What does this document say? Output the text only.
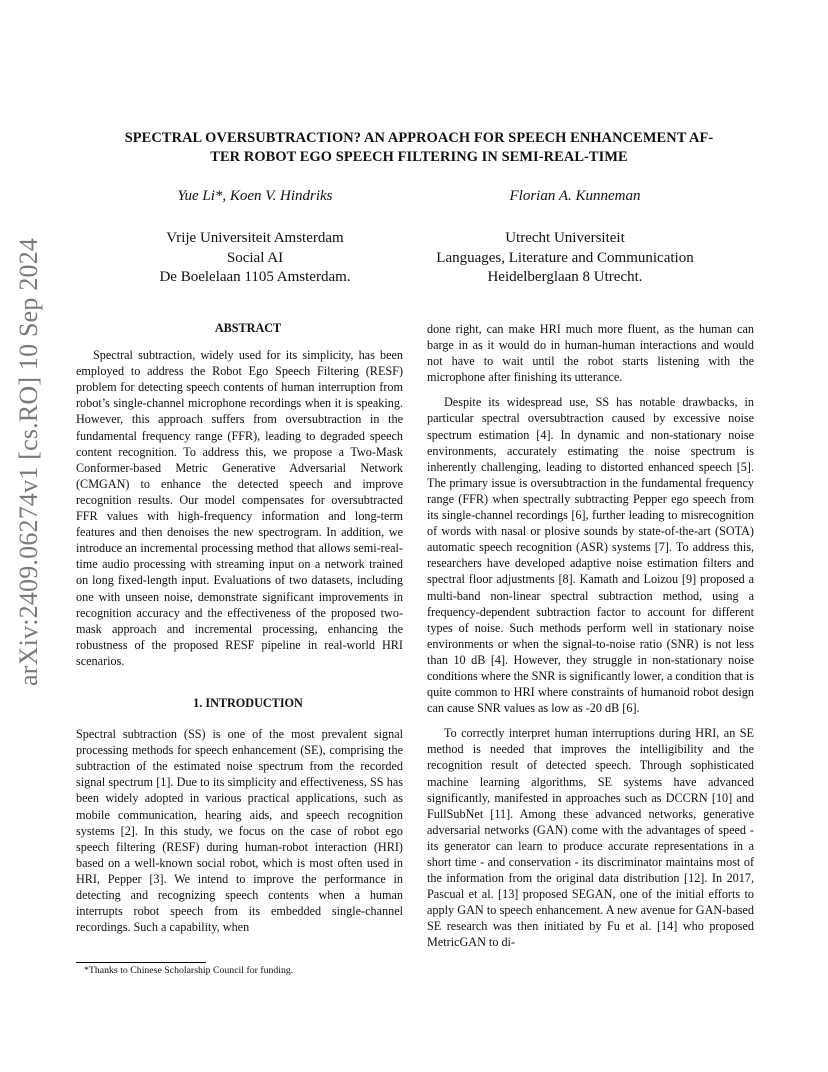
arXiv:2409.06274v1 [cs.RO] 10 Sep 2024
SPECTRAL OVERSUBTRACTION? AN APPROACH FOR SPEECH ENHANCEMENT AF-
TER ROBOT EGO SPEECH FILTERING IN SEMI-REAL-TIME
Yue Li*, Koen V. Hindriks	Florian A. Kunneman
Vrije Universiteit Amsterdam
Social AI
De Boelelaan 1105 Amsterdam.
Utrecht Universiteit
Languages, Literature and Communication
Heidelberglaan 8 Utrecht.

ABSTRACT

Spectral subtraction, widely used for its simplicity, has been employed to address the Robot Ego Speech Filtering (RESF) problem for detecting speech contents of human interruption from robot’s single-channel microphone recordings when it is speaking. However, this approach suffers from oversubtraction in the fundamental frequency range (FFR), leading to degraded speech content recognition. To address this, we propose a Two-Mask Conformer-based Metric Generative Adversarial Network (CMGAN) to enhance the detected speech and improve recognition results. Our model compensates for oversubtracted FFR values with high-frequency information and long-term features and then denoises the new spectrogram. In addition, we introduce an incremental processing method that allows semi-real-time audio processing with streaming input on a network trained on long fixed-length input. Evaluations of two datasets, including one with unseen noise, demonstrate significant improvements in recognition accuracy and the effectiveness of the proposed two-mask approach and incremental processing, enhancing the robustness of the proposed RESF pipeline in real-world HRI scenarios.

1. INTRODUCTION

Spectral subtraction (SS) is one of the most prevalent signal processing methods for speech enhancement (SE), comprising the subtraction of the estimated noise spectrum from the recorded signal spectrum [1]. Due to its simplicity and effectiveness, SS has been widely adopted in various practical applications, such as mobile communication, hearing aids, and speech recognition systems [2]. In this study, we focus on the case of robot ego speech filtering (RESF) during human-robot interaction (HRI) based on a well-known social robot, which is most often used in HRI, Pepper [3]. We intend to improve the performance in detecting and recognizing speech contents when a human interrupts robot speech from its embedded single-channel recordings. Such a capability, when

done right, can make HRI much more fluent, as the human can barge in as it would do in human-human interactions and would not have to wait until the robot starts listening with the microphone after finishing its utterance.

Despite its widespread use, SS has notable drawbacks, in particular spectral oversubtraction caused by excessive noise spectrum estimation [4]. In dynamic and non-stationary noise environments, accurately estimating the noise spectrum is inherently challenging, leading to distorted enhanced speech [5]. The primary issue is oversubtraction in the fundamental frequency range (FFR) when spectrally subtracting Pepper ego speech from its single-channel recordings [6], further leading to misrecognition of words with nasal or plosive sounds by state-of-the-art (SOTA) automatic speech recognition (ASR) systems [7]. To address this, researchers have developed adaptive noise estimation filters and spectral floor adjustments [8]. Kamath and Loizou [9] proposed a multi-band non-linear spectral subtraction method, using a frequency-dependent subtraction factor to account for different types of noise. Such methods perform well in stationary noise environments or when the signal-to-noise ratio (SNR) is not less than 10 dB [4]. However, they struggle in non-stationary noise conditions where the SNR is significantly lower, a condition that is quite common to HRI where constraints of humanoid robot design can cause SNR values as low as -20 dB [6].

To correctly interpret human interruptions during HRI, an SE method is needed that improves the intelligibility and the recognition result of detected speech. Through sophisticated machine learning algorithms, SE systems have advanced significantly, manifested in approaches such as DCCRN [10] and FullSubNet [11]. Among these advanced networks, generative adversarial networks (GAN) come with the advantages of speed - its generator can learn to produce accurate representations in a short time - and conservation - its discriminator maintains most of the information from the original data distribution [12]. In 2017, Pascual et al. [13] proposed SEGAN, one of the initial efforts to apply GAN to speech enhancement. A new avenue for GAN-based SE research was then initiated by Fu et al. [14] who proposed MetricGAN to di-

*Thanks to Chinese Scholarship Council for funding.
